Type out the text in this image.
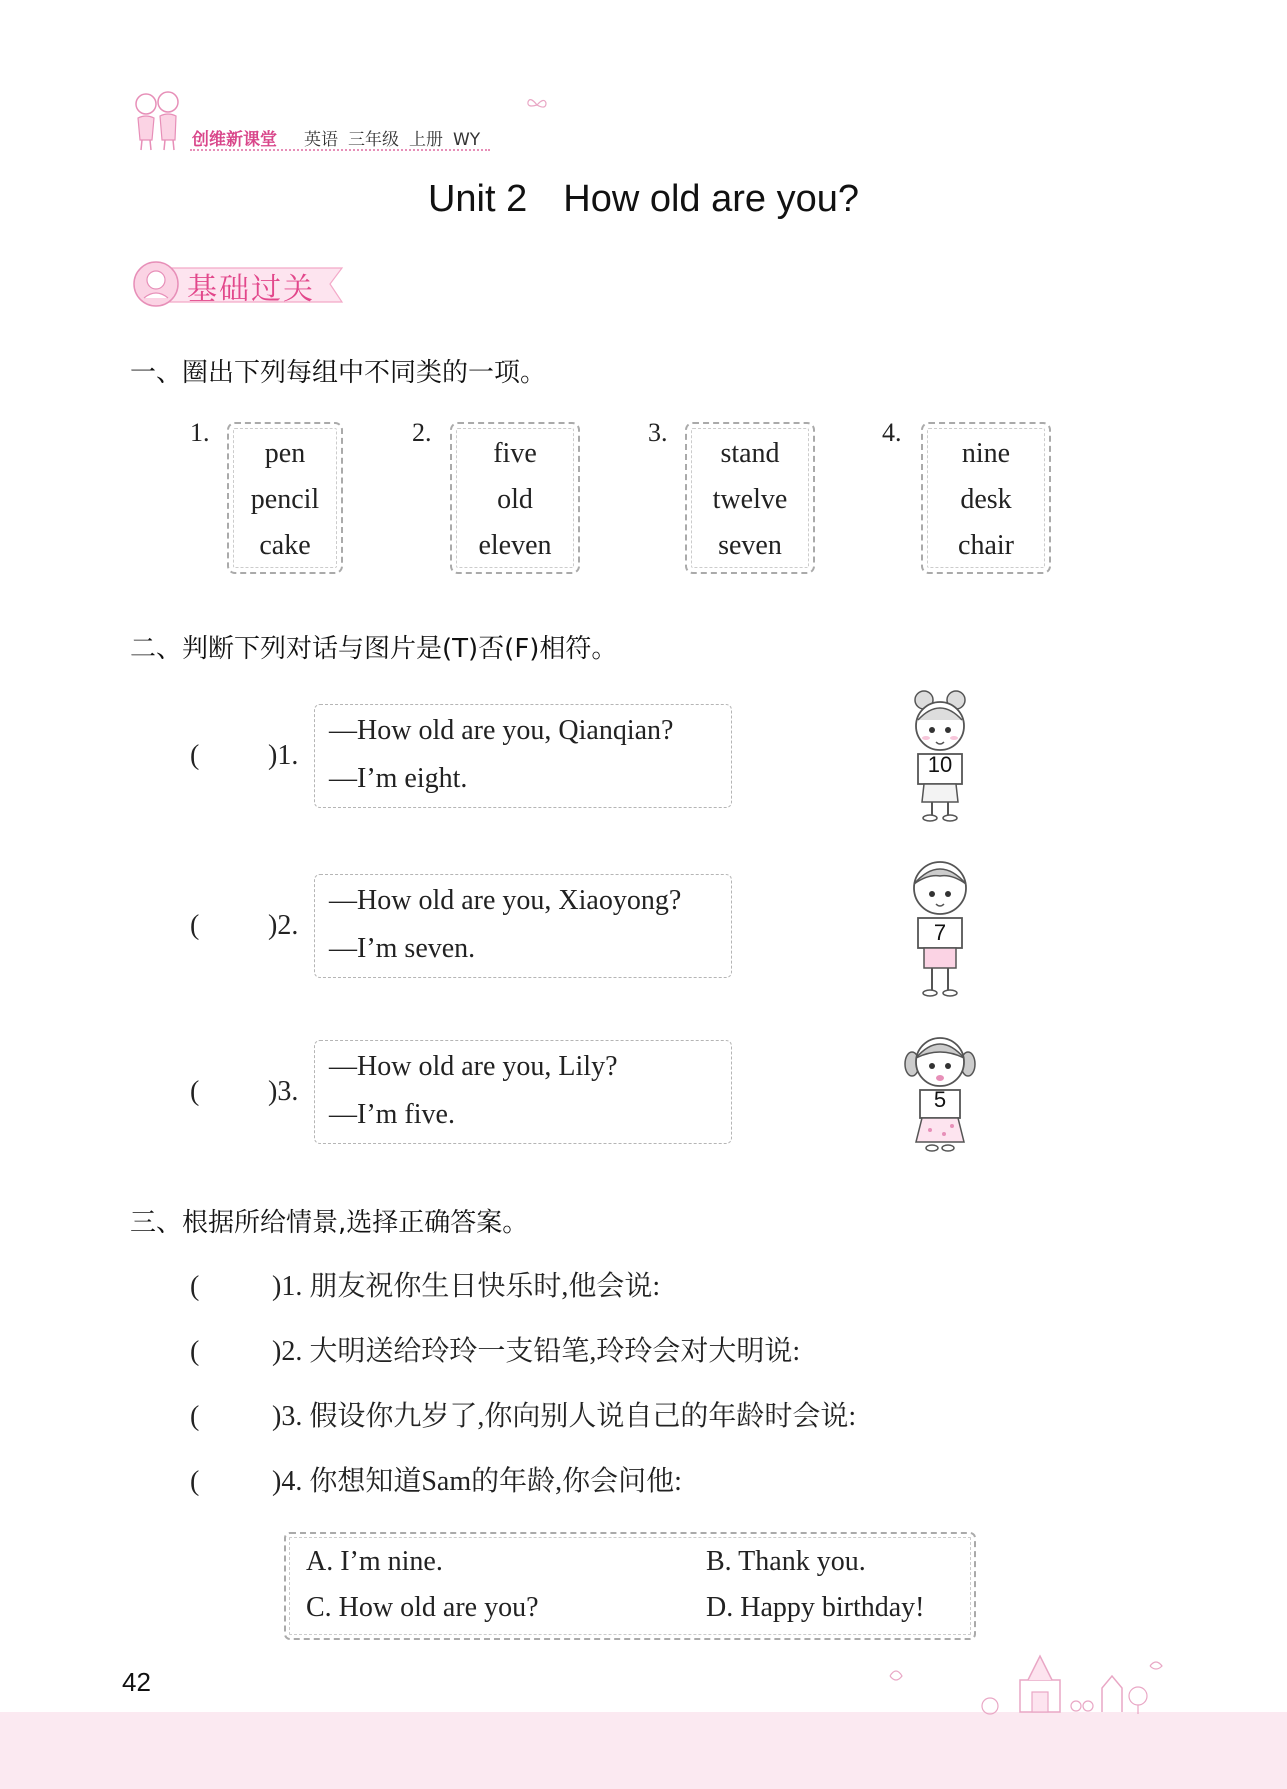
创维新课堂 英语 三年级 上册 WY
Unit 2 How old are you?
基础过关
一、圈出下列每组中不同类的一项。
1.
pen
pencil
cake
2.
five
old
eleven
3.
stand
twelve
seven
4.
nine
desk
chair
二、判断下列对话与图片是(T)否(F)相符。
( )1.
—How old are you, Qianqian?
—I’m eight.	10
( )2.
—How old are you, Xiaoyong?
—I’m seven.
7
( )3.
—How old are you, Lily?
—I’m five.	5
三、根据所给情景,选择正确答案。
(	)1. 朋友祝你生日快乐时,他会说:
(	)2. 大明送给玲玲一支铅笔,玲玲会对大明说:
(	)3. 假设你九岁了,你向别人说自己的年龄时会说:
(	)4. 你想知道Sam的年龄,你会问他:
A. I’m nine.	B. Thank you.
C. How old are you?	D. Happy birthday!
42
